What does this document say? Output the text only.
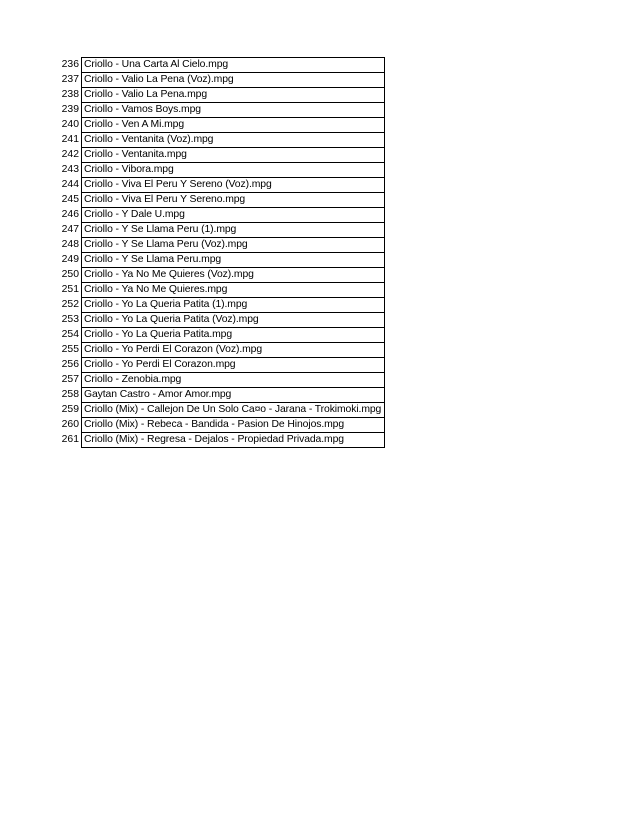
236	Criollo - Una Carta Al Cielo.mpg
237	Criollo - Valio La Pena (Voz).mpg
238	Criollo - Valio La Pena.mpg
239	Criollo - Vamos Boys.mpg
240	Criollo - Ven A Mi.mpg
241	Criollo - Ventanita (Voz).mpg
242	Criollo - Ventanita.mpg
243	Criollo - Vibora.mpg
244	Criollo - Viva El Peru Y Sereno (Voz).mpg
245	Criollo - Viva El Peru Y Sereno.mpg
246	Criollo - Y Dale U.mpg
247	Criollo - Y Se Llama Peru (1).mpg
248	Criollo - Y Se Llama Peru (Voz).mpg
249	Criollo - Y Se Llama Peru.mpg
250	Criollo - Ya No Me Quieres (Voz).mpg
251	Criollo - Ya No Me Quieres.mpg
252	Criollo - Yo La Queria Patita (1).mpg
253	Criollo - Yo La Queria Patita (Voz).mpg
254	Criollo - Yo La Queria Patita.mpg
255	Criollo - Yo Perdi El Corazon (Voz).mpg
256	Criollo - Yo Perdi El Corazon.mpg
257	Criollo - Zenobia.mpg
258	Gaytan Castro - Amor Amor.mpg
259	Criollo (Mix) - Callejon De Un Solo Ca¤o - Jarana - Trokimoki.mpg
260	Criollo (Mix) - Rebeca - Bandida - Pasion De Hinojos.mpg
261	Criollo (Mix) - Regresa - Dejalos - Propiedad Privada.mpg
